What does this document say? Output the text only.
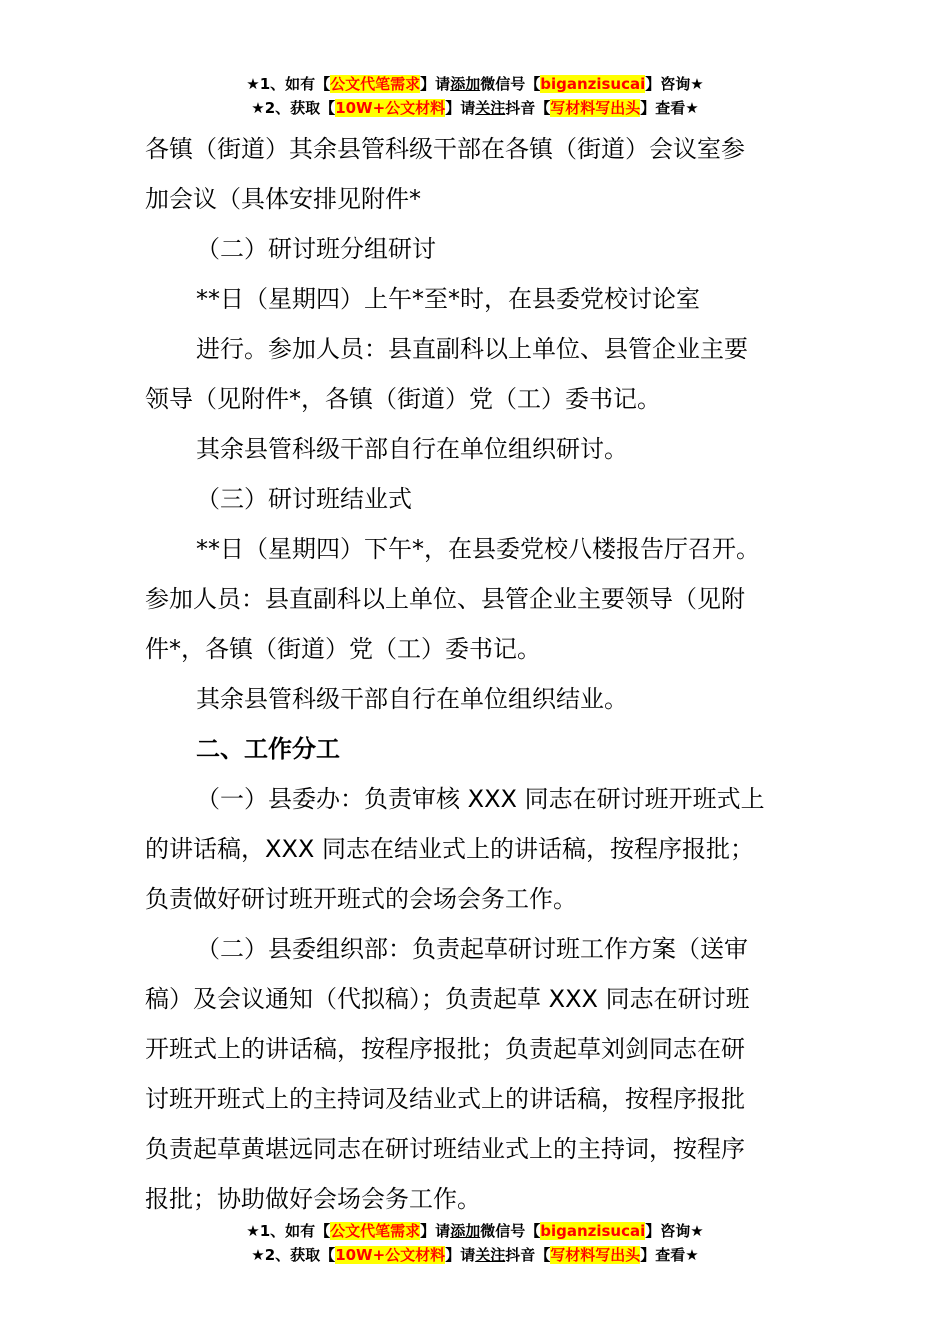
★1、如有【公文代笔需求】请添加微信号【biganzisucai】咨询★
★2、获取【10W+公文材料】请关注抖音【写材料写出头】查看★

各镇（街道）其余县管科级干部在各镇（街道）会议室参

加会议（具体安排见附件*

（二）研讨班分组研讨

**日（星期四）上午*至*时，在县委党校讨论室

进行。参加人员：县直副科以上单位、县管企业主要

领导（见附件*，各镇（街道）党（工）委书记。

其余县管科级干部自行在单位组织研讨。

（三）研讨班结业式

**日（星期四）下午*，在县委党校八楼报告厅召开。

参加人员：县直副科以上单位、县管企业主要领导（见附

件*，各镇（街道）党（工）委书记。

其余县管科级干部自行在单位组织结业。

二、工作分工

（一）县委办：负责审核 XXX 同志在研讨班开班式上

的讲话稿，XXX 同志在结业式上的讲话稿，按程序报批；

负责做好研讨班开班式的会场会务工作。

（二）县委组织部：负责起草研讨班工作方案（送审

稿）及会议通知（代拟稿）；负责起草 XXX 同志在研讨班

开班式上的讲话稿，按程序报批；负责起草刘剑同志在研

讨班开班式上的主持词及结业式上的讲话稿，按程序报批

负责起草黄堪远同志在研讨班结业式上的主持词，按程序

报批；协助做好会场会务工作。

★1、如有【公文代笔需求】请添加微信号【biganzisucai】咨询★
★2、获取【10W+公文材料】请关注抖音【写材料写出头】查看★
